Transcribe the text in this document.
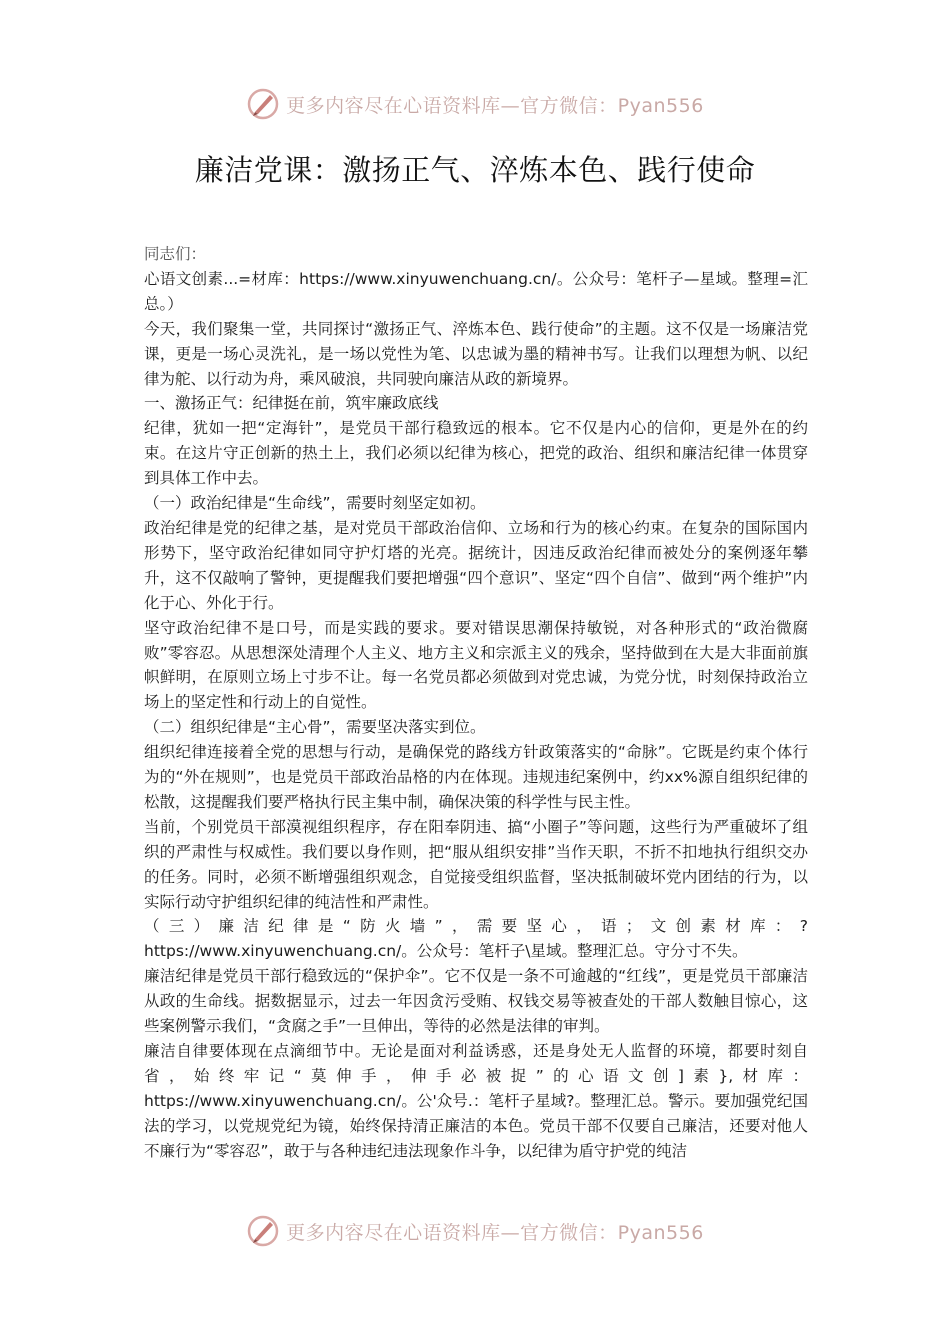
更多内容尽在心语资料库—官方微信：Pyan556
廉洁党课：激扬正气、淬炼本色、践行使命

同志们：

心语文创素...=材库：https://www.xinyuwenchuang.cn/。公众号：笔杆子—星域。整理=汇总。）

今天，我们聚集一堂，共同探讨“激扬正气、淬炼本色、践行使命”的主题。这不仅是一场廉洁党课，更是一场心灵洗礼，是一场以党性为笔、以忠诚为墨的精神书写。让我们以理想为帆、以纪律为舵、以行动为舟，乘风破浪，共同驶向廉洁从政的新境界。

一、激扬正气：纪律挺在前，筑牢廉政底线

纪律，犹如一把“定海针”，是党员干部行稳致远的根本。它不仅是内心的信仰，更是外在的约束。在这片守正创新的热土上，我们必须以纪律为核心，把党的政治、组织和廉洁纪律一体贯穿到具体工作中去。

（一）政治纪律是“生命线”，需要时刻坚定如初。

政治纪律是党的纪律之基，是对党员干部政治信仰、立场和行为的核心约束。在复杂的国际国内形势下，坚守政治纪律如同守护灯塔的光亮。据统计，因违反政治纪律而被处分的案例逐年攀升，这不仅敲响了警钟，更提醒我们要把增强“四个意识”、坚定“四个自信”、做到“两个维护”内化于心、外化于行。

坚守政治纪律不是口号，而是实践的要求。要对错误思潮保持敏锐，对各种形式的“政治微腐败”零容忍。从思想深处清理个人主义、地方主义和宗派主义的残余，坚持做到在大是大非面前旗帜鲜明，在原则立场上寸步不让。每一名党员都必须做到对党忠诚，为党分忧，时刻保持政治立场上的坚定性和行动上的自觉性。

（二）组织纪律是“主心骨”，需要坚决落实到位。

组织纪律连接着全党的思想与行动，是确保党的路线方针政策落实的“命脉”。它既是约束个体行为的“外在规则”，也是党员干部政治品格的内在体现。违规违纪案例中，约xx%源自组织纪律的松散，这提醒我们要严格执行民主集中制，确保决策的科学性与民主性。

当前，个别党员干部漠视组织程序，存在阳奉阴违、搞“小圈子”等问题，这些行为严重破坏了组织的严肃性与权威性。我们要以身作则，把“服从组织安排”当作天职，不折不扣地执行组织交办的任务。同时，必须不断增强组织观念，自觉接受组织监督，坚决抵制破坏党内团结的行为，以实际行动守护组织纪律的纯洁性和严肃性。

（三）廉洁纪律是“防火墙”，需要坚心，语；文创素材库：?https://www.xinyuwenchuang.cn/。公众号：笔杆子\星域。整理汇总。守分寸不失。

廉洁纪律是党员干部行稳致远的“保护伞”。它不仅是一条不可逾越的“红线”，更是党员干部廉洁从政的生命线。据数据显示，过去一年因贪污受贿、权钱交易等被查处的干部人数触目惊心，这些案例警示我们，“贪腐之手”一旦伸出，等待的必然是法律的审判。

廉洁自律要体现在点滴细节中。无论是面对利益诱惑，还是身处无人监督的环境，都要时刻自省，始终牢记“莫伸手，伸手必被捉”的心语文创]素},材库：https://www.xinyuwenchuang.cn/。公'众号.：笔杆子星域?。整理汇总。警示。要加强党纪国法的学习，以党规党纪为镜，始终保持清正廉洁的本色。党员干部不仅要自己廉洁，还要对他人不廉行为“零容忍”，敢于与各种违纪违法现象作斗争，以纪律为盾守护党的纯洁

更多内容尽在心语资料库—官方微信：Pyan556
